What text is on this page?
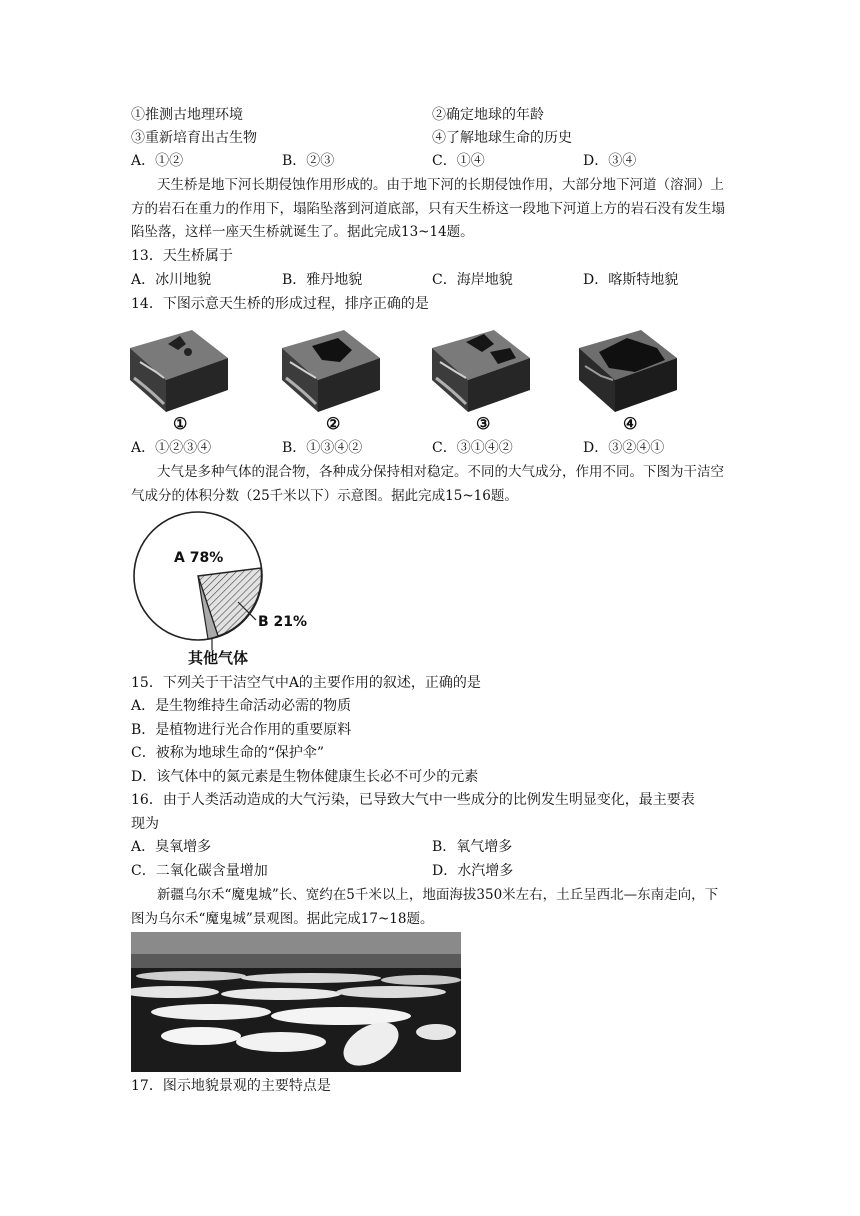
①推测古地理环境	②确定地球的年龄
③重新培育出古生物	④了解地球生命的历史
A．①②	B．②③	C．①④	D．③④
天生桥是地下河长期侵蚀作用形成的。由于地下河的长期侵蚀作用，大部分地下河道（溶洞）上方的岩石在重力的作用下，塌陷坠落到河道底部，只有天生桥这一段地下河道上方的岩石没有发生塌陷坠落，这样一座天生桥就诞生了。据此完成13~14题。
13．天生桥属于
A．冰川地貌	B．雅丹地貌	C．海岸地貌	D．喀斯特地貌
14．下图示意天生桥的形成过程，排序正确的是
①	②	③	④
A．①②③④	B．①③④②	C．③①④②	D．③②④①
大气是多种气体的混合物，各种成分保持相对稳定。不同的大气成分，作用不同。下图为干洁空气成分的体积分数（25千米以下）示意图。据此完成15~16题。
A 78%
B 21%
其他气体
15．下列关于干洁空气中A的主要作用的叙述，正确的是
A．是生物维持生命活动必需的物质
B．是植物进行光合作用的重要原料
C．被称为地球生命的“保护伞”
D．该气体中的氮元素是生物体健康生长必不可少的元素
16．由于人类活动造成的大气污染，已导致大气中一些成分的比例发生明显变化，最主要表
现为
A．臭氧增多	B．氧气增多
C．二氧化碳含量增加	D．水汽增多
新疆乌尔禾“魔鬼城”长、宽约在5千米以上，地面海拔350米左右，土丘呈西北—东南走向，下图为乌尔禾“魔鬼城”景观图。据此完成17~18题。
17．图示地貌景观的主要特点是
